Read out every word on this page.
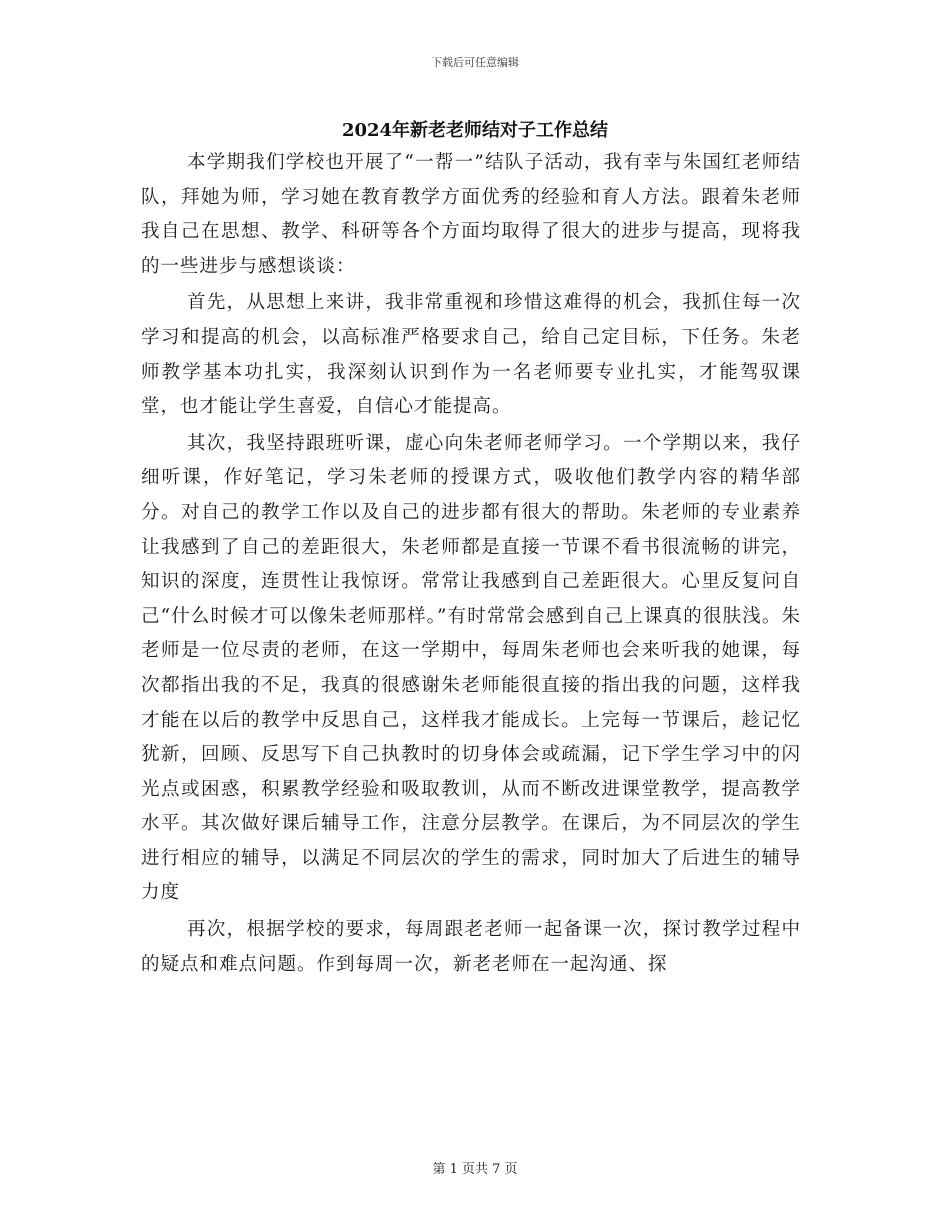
下载后可任意编辑
2024年新老老师结对子工作总结

本学期我们学校也开展了“一帮一”结队子活动，我有幸与朱国红老师结队，拜她为师，学习她在教育教学方面优秀的经验和育人方法。跟着朱老师我自己在思想、教学、科研等各个方面均取得了很大的进步与提高，现将我的一些进步与感想谈谈：

首先，从思想上来讲，我非常重视和珍惜这难得的机会，我抓住每一次学习和提高的机会，以高标准严格要求自己，给自己定目标，下任务。朱老师教学基本功扎实，我深刻认识到作为一名老师要专业扎实，才能驾驭课堂，也才能让学生喜爱，自信心才能提高。

其次，我坚持跟班听课，虚心向朱老师老师学习。一个学期以来，我仔细听课，作好笔记，学习朱老师的授课方式，吸收他们教学内容的精华部分。对自己的教学工作以及自己的进步都有很大的帮助。朱老师的专业素养让我感到了自己的差距很大，朱老师都是直接一节课不看书很流畅的讲完，知识的深度，连贯性让我惊讶。常常让我感到自己差距很大。心里反复问自己“什么时候才可以像朱老师那样。”有时常常会感到自己上课真的很肤浅。朱老师是一位尽责的老师，在这一学期中，每周朱老师也会来听我的她课，每次都指出我的不足，我真的很感谢朱老师能很直接的指出我的问题，这样我才能在以后的教学中反思自己，这样我才能成长。上完每一节课后，趁记忆犹新，回顾、反思写下自己执教时的切身体会或疏漏，记下学生学习中的闪光点或困惑，积累教学经验和吸取教训，从而不断改进课堂教学，提高教学水平。其次做好课后辅导工作，注意分层教学。在课后，为不同层次的学生进行相应的辅导，以满足不同层次的学生的需求，同时加大了后进生的辅导力度

再次，根据学校的要求，每周跟老老师一起备课一次，探讨教学过程中的疑点和难点问题。作到每周一次，新老老师在一起沟通、探

第 1 页共 7 页
